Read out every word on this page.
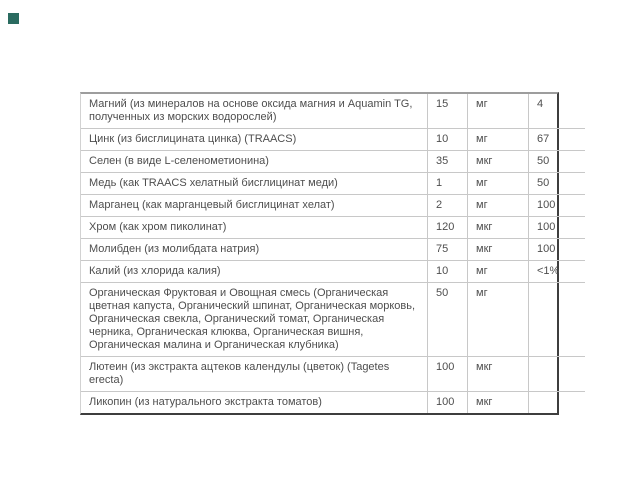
Магний (из минералов на основе оксида магния и Aquamin TG, полученных из морских водорослей)	15	мг	4
Цинк (из бисглицината цинка) (TRAACS)	10	мг	67
Селен (в виде L-селенометионина)	35	мкг	50
Медь (как TRAACS хелатный бисглицинат меди)	1	мг	50
Марганец (как марганцевый бисглицинат хелат)	2	мг	100
Хром (как хром пиколинат)	120	мкг	100
Молибден (из молибдата натрия)	75	мкг	100
Калий (из хлорида калия)	10	мг	<1%
Органическая Фруктовая и Овощная смесь (Органическая цветная капуста, Органический шпинат, Органическая морковь, Органическая свекла, Органический томат, Органическая черника, Органическая клюква, Органическая вишня, Органическая малина и Органическая клубника)	50	мг	
Лютеин (из экстракта ацтеков календулы (цветок) (Tagetes erecta)	100	мкг	
Ликопин (из натурального экстракта томатов)	100	мкг	
